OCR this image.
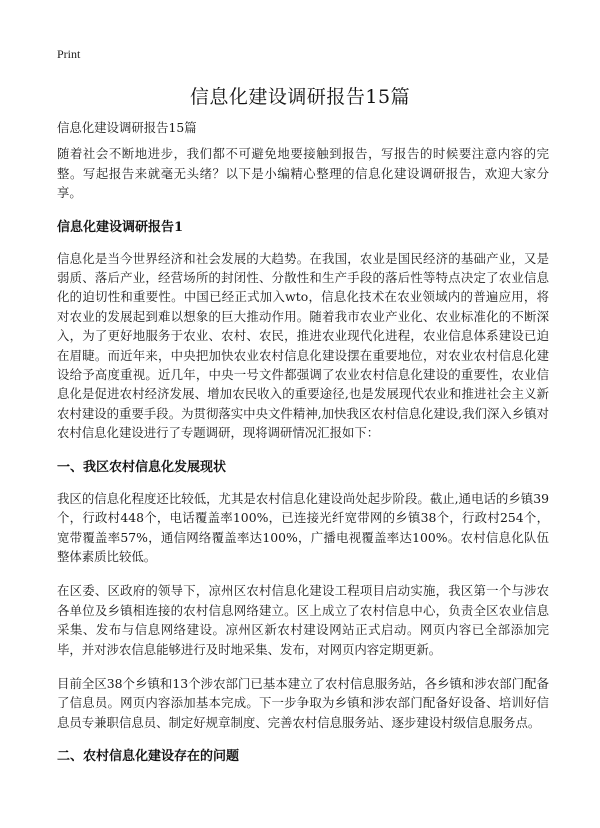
Print
信息化建设调研报告15篇

信息化建设调研报告15篇

随着社会不断地进步，我们都不可避免地要接触到报告，写报告的时候要注意内容的完整。写起报告来就毫无头绪？以下是小编精心整理的信息化建设调研报告，欢迎大家分享。

信息化建设调研报告1

信息化是当今世界经济和社会发展的大趋势。在我国，农业是国民经济的基础产业，又是弱质、落后产业，经营场所的封闭性、分散性和生产手段的落后性等特点决定了农业信息化的迫切性和重要性。中国已经正式加入wto，信息化技术在农业领域内的普遍应用，将对农业的发展起到难以想象的巨大推动作用。随着我市农业产业化、农业标准化的不断深入，为了更好地服务于农业、农村、农民，推进农业现代化进程，农业信息体系建设已迫在眉睫。而近年来，中央把加快农业农村信息化建设摆在重要地位，对农业农村信息化建设给予高度重视。近几年，中央一号文件都强调了农业农村信息化建设的重要性，农业信息化是促进农村经济发展、增加农民收入的重要途径,也是发展现代农业和推进社会主义新农村建设的重要手段。为贯彻落实中央文件精神,加快我区农村信息化建设,我们深入乡镇对农村信息化建设进行了专题调研，现将调研情况汇报如下：

一、我区农村信息化发展现状

我区的信息化程度还比较低，尤其是农村信息化建设尚处起步阶段。截止,通电话的乡镇39个，行政村448个，电话覆盖率100%，已连接光纤宽带网的乡镇38个，行政村254个，宽带覆盖率57%，通信网络覆盖率达100%，广播电视覆盖率达100%。农村信息化队伍整体素质比较低。

在区委、区政府的领导下，凉州区农村信息化建设工程项目启动实施，我区第一个与涉农各单位及乡镇相连接的农村信息网络建立。区上成立了农村信息中心，负责全区农业信息采集、发布与信息网络建设。凉州区新农村建设网站正式启动。网页内容已全部添加完毕，并对涉农信息能够进行及时地采集、发布，对网页内容定期更新。

目前全区38个乡镇和13个涉农部门已基本建立了农村信息服务站，各乡镇和涉农部门配备了信息员。网页内容添加基本完成。下一步争取为乡镇和涉农部门配备好设备、培训好信息员专兼职信息员、制定好规章制度、完善农村信息服务站、逐步建设村级信息服务点。

二、农村信息化建设存在的问题
